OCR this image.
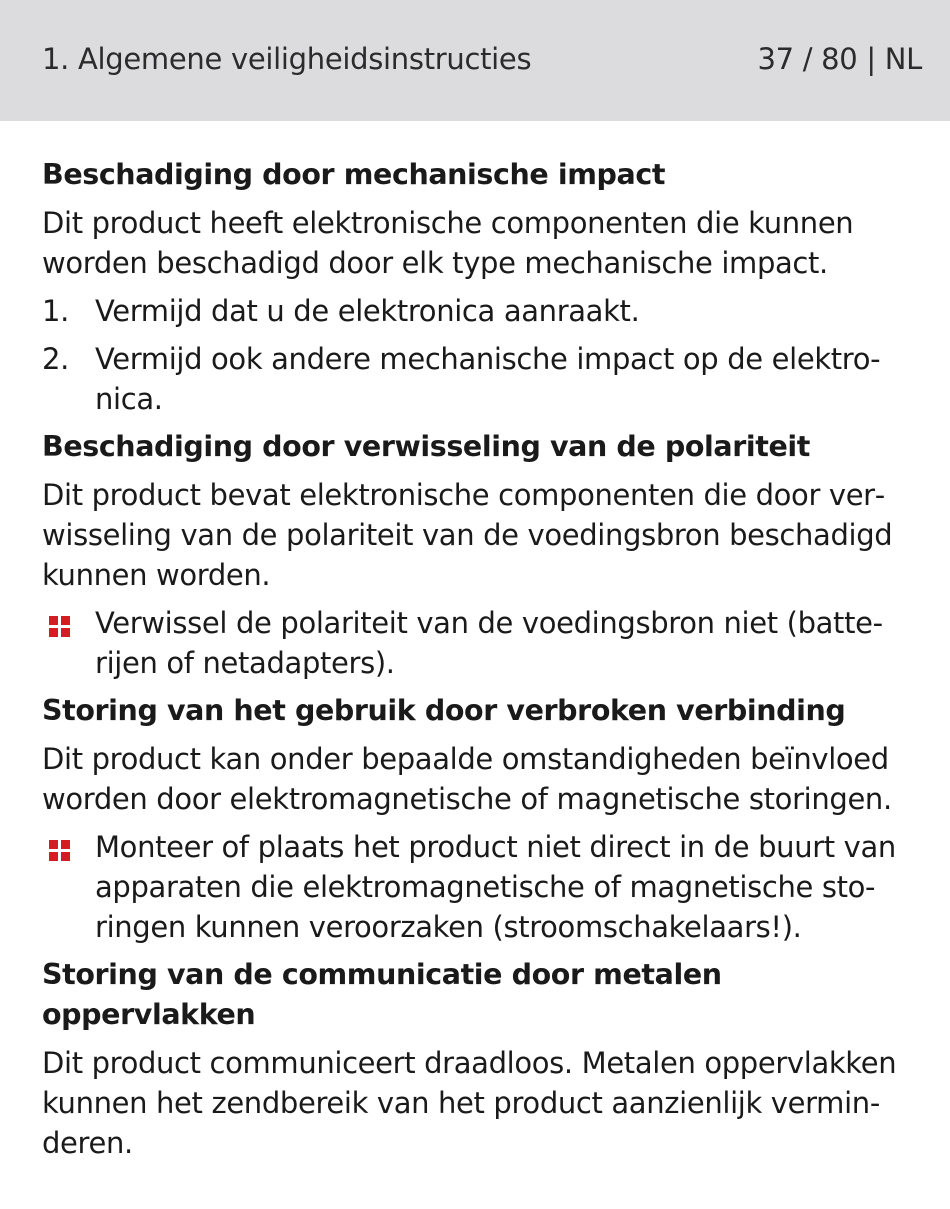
1. Algemene veiligheidsinstructies	37 / 80 | NL

Beschadiging door mechanische impact

Dit product heeft elektronische componenten die kunnen worden beschadigd door elk type mechanische impact.

1. Vermijd dat u de elektronica aanraakt.
2. Vermijd ook andere mechanische impact op de elektronica.

Beschadiging door verwisseling van de polariteit

Dit product bevat elektronische componenten die door verwisseling van de polariteit van de voedingsbron beschadigd kunnen worden.

Verwissel de polariteit van de voedingsbron niet (batterijen of netadapters).

Storing van het gebruik door verbroken verbinding

Dit product kan onder bepaalde omstandigheden beïnvloed worden door elektromagnetische of magnetische storingen.

Monteer of plaats het product niet direct in de buurt van apparaten die elektromagnetische of magnetische storingen kunnen veroorzaken (stroomschakelaars!).

Storing van de communicatie door metalen oppervlakken

Dit product communiceert draadloos. Metalen oppervlakken kunnen het zendbereik van het product aanzienlijk verminderen.
